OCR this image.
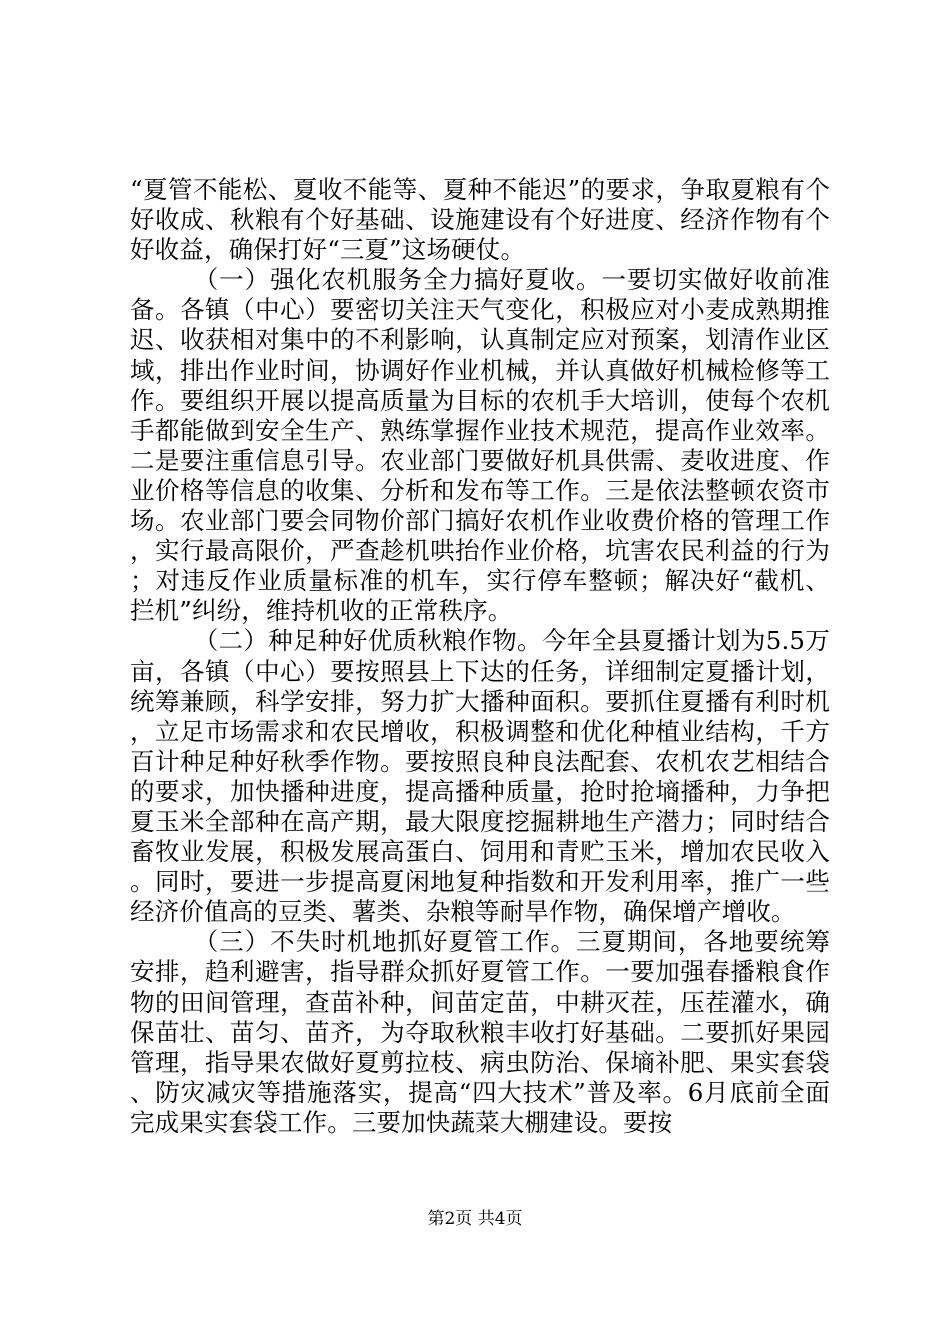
“夏管不能松、夏收不能等、夏种不能迟”的要求，争取夏粮有个好收成、秋粮有个好基础、设施建设有个好进度、经济作物有个好收益，确保打好“三夏”这场硬仗。

（一）强化农机服务全力搞好夏收。一要切实做好收前准备。各镇（中心）要密切关注天气变化，积极应对小麦成熟期推迟、收获相对集中的不利影响，认真制定应对预案，划清作业区域，排出作业时间，协调好作业机械，并认真做好机械检修等工作。要组织开展以提高质量为目标的农机手大培训，使每个农机手都能做到安全生产、熟练掌握作业技术规范，提高作业效率。二是要注重信息引导。农业部门要做好机具供需、麦收进度、作业价格等信息的收集、分析和发布等工作。三是依法整顿农资市场。农业部门要会同物价部门搞好农机作业收费价格的管理工作，实行最高限价，严查趁机哄抬作业价格，坑害农民利益的行为；对违反作业质量标准的机车，实行停车整顿；解决好“截机、拦机”纠纷，维持机收的正常秩序。

（二）种足种好优质秋粮作物。今年全县夏播计划为5.5万亩，各镇（中心）要按照县上下达的任务，详细制定夏播计划，统筹兼顾，科学安排，努力扩大播种面积。要抓住夏播有利时机，立足市场需求和农民增收，积极调整和优化种植业结构，千方百计种足种好秋季作物。要按照良种良法配套、农机农艺相结合的要求，加快播种进度，提高播种质量，抢时抢墒播种，力争把夏玉米全部种在高产期，最大限度挖掘耕地生产潜力；同时结合畜牧业发展，积极发展高蛋白、饲用和青贮玉米，增加农民收入。同时，要进一步提高夏闲地复种指数和开发利用率，推广一些经济价值高的豆类、薯类、杂粮等耐旱作物，确保增产增收。

（三）不失时机地抓好夏管工作。三夏期间，各地要统筹安排，趋利避害，指导群众抓好夏管工作。一要加强春播粮食作物的田间管理，查苗补种，间苗定苗，中耕灭茬，压茬灌水，确保苗壮、苗匀、苗齐，为夺取秋粮丰收打好基础。二要抓好果园管理，指导果农做好夏剪拉枝、病虫防治、保墒补肥、果实套袋、防灾减灾等措施落实，提高“四大技术”普及率。6月底前全面完成果实套袋工作。三要加快蔬菜大棚建设。要按

第2页 共4页
